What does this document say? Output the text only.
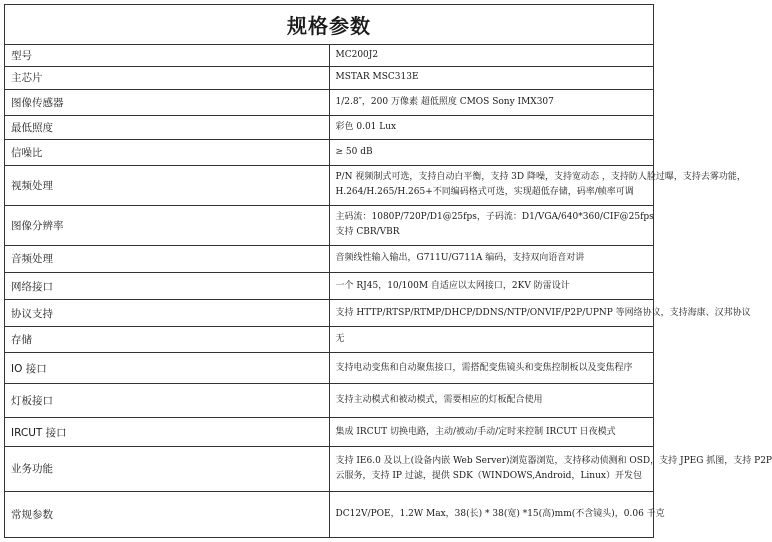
规格参数	
型号	MC200J2

主芯片	MSTAR MSC313E

图像传感器	1/2.8″，200 万像素 超低照度 CMOS Sony IMX307

最低照度	彩色 0.01 Lux

信噪比	≥ 50 dB

视频处理	P/N 视频制式可选，支持自动白平衡，支持 3D 降噪，支持宽动态 ，支持防人脸过曝，支持去雾功能，
H.264/H.265/H.265+不同编码格式可选，实现超低存储，码率/帧率可调

图像分辨率	主码流：1080P/720P/D1@25fps，子码流：D1/VGA/640*360/CIF@25fps
支持 CBR/VBR

音频处理	音频线性输入输出，G711U/G711A 编码，支持双向语音对讲

网络接口	一个 RJ45，10/100M 自适应以太网接口，2KV 防雷设计

协议支持	支持 HTTP/RTSP/RTMP/DHCP/DDNS/NTP/ONVIF/P2P/UPNP 等网络协议，支持海康、汉邦协议

存储	无

IO 接口	支持电动变焦和自动聚焦接口，需搭配变焦镜头和变焦控制板以及变焦程序

灯板接口	支持主动模式和被动模式，需要相应的灯板配合使用

IRCUT 接口	集成 IRCUT 切换电路，主动/被动/手动/定时来控制 IRCUT 日夜模式

业务功能	支持 IE6.0 及以上(设备内嵌 Web Server)浏览器浏览，支持移动侦测和 OSD，支持 JPEG 抓图，支持 P2P
云服务，支持 IP 过滤，提供 SDK（WINDOWS,Android，Linux）开发包

常规参数	DC12V/POE，1.2W Max，38(长) * 38(宽) *15(高)mm(不含镜头)，0.06 千克
